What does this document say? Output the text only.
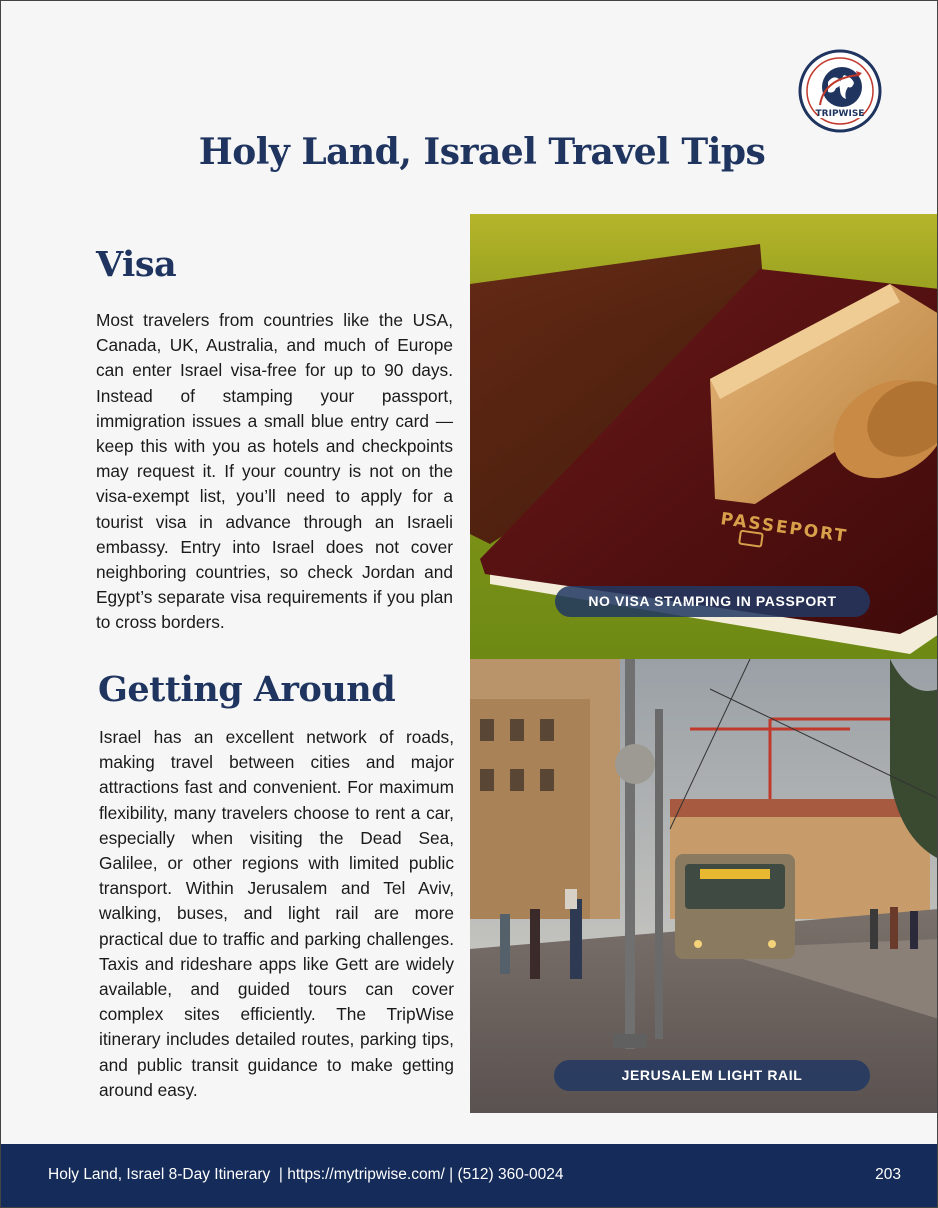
TRIPWISE
Holy Land, Israel Travel Tips
Visa

Most travelers from countries like the USA, Canada, UK, Australia, and much of Europe can enter Israel visa-free for up to 90 days. Instead of stamping your passport, immigration issues a small blue entry card —keep this with you as hotels and checkpoints may request it. If your country is not on the visa-exempt list, you’ll need to apply for a tourist visa in advance through an Israeli embassy. Entry into Israel does not cover neighboring countries, so check Jordan and Egypt’s separate visa requirements if you plan to cross borders.

Getting Around

Israel has an excellent network of roads, making travel between cities and major attractions fast and convenient. For maximum flexibility, many travelers choose to rent a car, especially when visiting the Dead Sea, Galilee, or other regions with limited public transport. Within Jerusalem and Tel Aviv, walking, buses, and light rail are more practical due to traffic and parking challenges. Taxis and rideshare apps like Gett are widely available, and guided tours can cover complex sites efficiently. The TripWise itinerary includes detailed routes, parking tips, and public transit guidance to make getting around easy.

PASSEPORT
NO VISA STAMPING IN PASSPORT
JERUSALEM LIGHT RAIL
Holy Land, Israel 8-Day Itinerary  | https://mytripwise.com/ | (512) 360-0024	203
